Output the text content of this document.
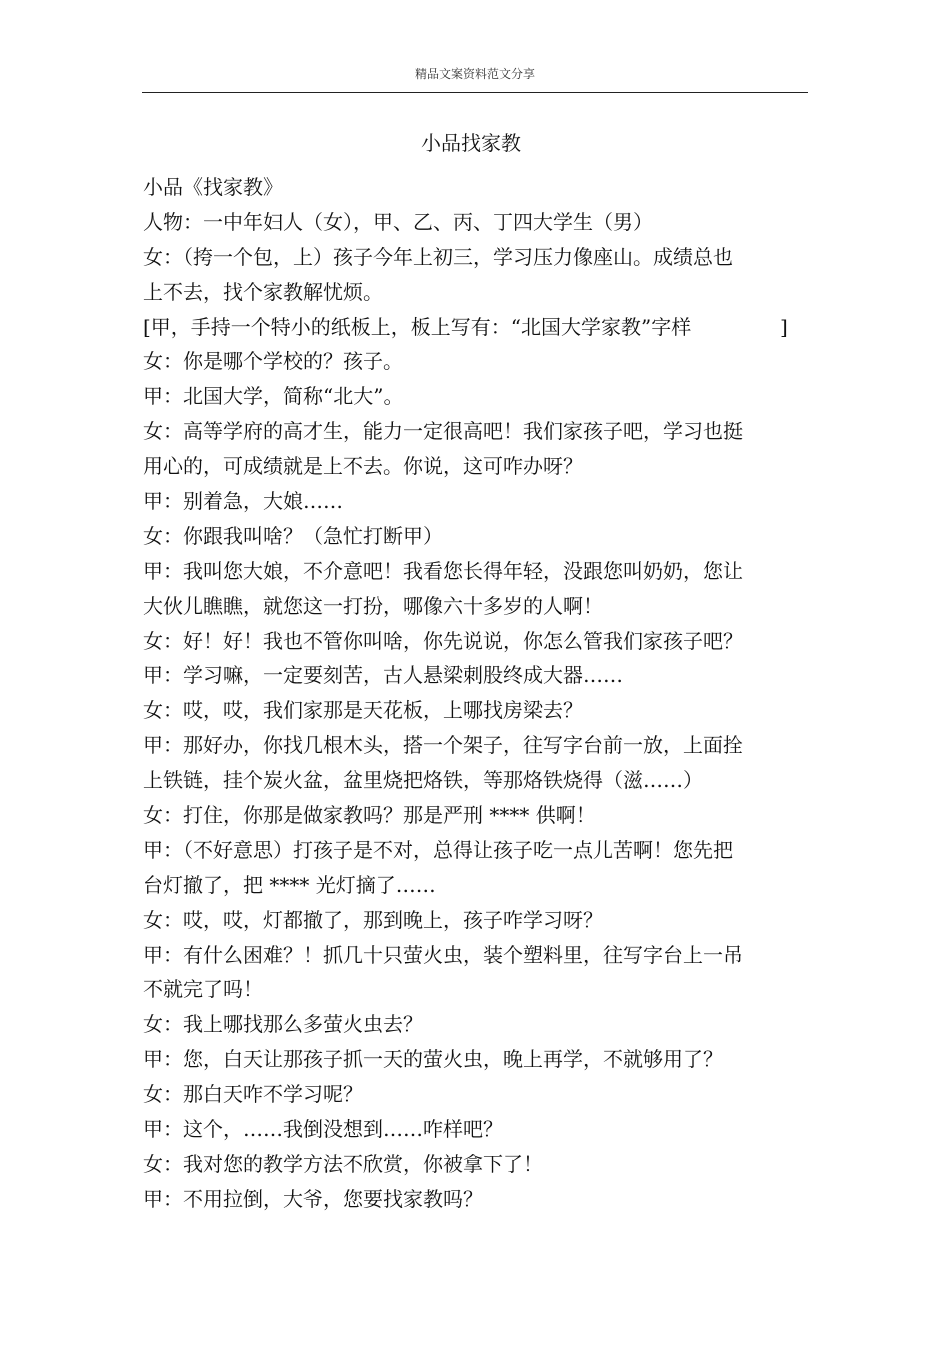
精品文案资料范文分享
小品找家教
小品《找家教》
人物：一中年妇人（女），甲、乙、丙、丁四大学生（男）
女：（挎一个包，上）孩子今年上初三，学习压力像座山。成绩总也
上不去，找个家教解忧烦。
[甲，手持一个特小的纸板上，板上写有：“北国大学家教”字样	]
女：你是哪个学校的？孩子。
甲：北国大学，简称“北大”。
女：高等学府的高才生，能力一定很高吧！我们家孩子吧，学习也挺
用心的，可成绩就是上不去。你说，这可咋办呀？
甲：别着急，大娘……
女：你跟我叫啥？（急忙打断甲）
甲：我叫您大娘，不介意吧！我看您长得年轻，没跟您叫奶奶，您让
大伙儿瞧瞧，就您这一打扮，哪像六十多岁的人啊！
女：好！好！我也不管你叫啥，你先说说，你怎么管我们家孩子吧？
甲：学习嘛，一定要刻苦，古人悬梁刺股终成大器……
女：哎，哎，我们家那是天花板，上哪找房梁去？
甲：那好办，你找几根木头，搭一个架子，往写字台前一放，上面拴
上铁链，挂个炭火盆，盆里烧把烙铁，等那烙铁烧得（滋……）
女：打住，你那是做家教吗？那是严刑 **** 供啊！
甲：（不好意思）打孩子是不对，总得让孩子吃一点儿苦啊！您先把
台灯撤了，把 **** 光灯摘了……
女：哎，哎，灯都撤了，那到晚上，孩子咋学习呀？
甲：有什么困难？！抓几十只萤火虫，装个塑料里，往写字台上一吊
不就完了吗！
女：我上哪找那么多萤火虫去？
甲：您，白天让那孩子抓一天的萤火虫，晚上再学，不就够用了？
女：那白天咋不学习呢？
甲：这个，……我倒没想到……咋样吧？
女：我对您的教学方法不欣赏，你被拿下了！
甲：不用拉倒，大爷，您要找家教吗？
